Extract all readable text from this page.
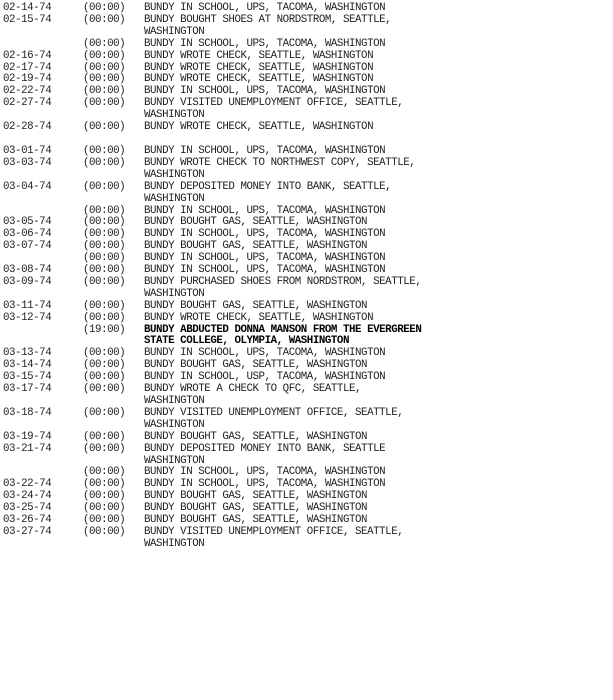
02-14-74	(00:00)	BUNDY IN SCHOOL, UPS, TACOMA, WASHINGTON
02-15-74	(00:00)	BUNDY BOUGHT SHOES AT NORDSTROM, SEATTLE,
WASHINGTON
(00:00)	BUNDY IN SCHOOL, UPS, TACOMA, WASHINGTON
02-16-74	(00:00)	BUNDY WROTE CHECK, SEATTLE, WASHINGTON
02-17-74	(00:00)	BUNDY WROTE CHECK, SEATTLE, WASHINGTON
02-19-74	(00:00)	BUNDY WROTE CHECK, SEATTLE, WASHINGTON
02-22-74	(00:00)	BUNDY IN SCHOOL, UPS, TACOMA, WASHINGTON
02-27-74	(00:00)	BUNDY VISITED UNEMPLOYMENT OFFICE, SEATTLE,
WASHINGTON
02-28-74	(00:00)	BUNDY WROTE CHECK, SEATTLE, WASHINGTON
03-01-74	(00:00)	BUNDY IN SCHOOL, UPS, TACOMA, WASHINGTON
03-03-74	(00:00)	BUNDY WROTE CHECK TO NORTHWEST COPY, SEATTLE,
WASHINGTON
03-04-74	(00:00)	BUNDY DEPOSITED MONEY INTO BANK, SEATTLE,
WASHINGTON
(00:00)	BUNDY IN SCHOOL, UPS, TACOMA, WASHINGTON
03-05-74	(00:00)	BUNDY BOUGHT GAS, SEATTLE, WASHINGTON
03-06-74	(00:00)	BUNDY IN SCHOOL, UPS, TACOMA, WASHINGTON
03-07-74	(00:00)	BUNDY BOUGHT GAS, SEATTLE, WASHINGTON
(00:00)	BUNDY IN SCHOOL, UPS, TACOMA, WASHINGTON
03-08-74	(00:00)	BUNDY IN SCHOOL, UPS, TACOMA, WASHINGTON
03-09-74	(00:00)	BUNDY PURCHASED SHOES FROM NORDSTROM, SEATTLE,
WASHINGTON
03-11-74	(00:00)	BUNDY BOUGHT GAS, SEATTLE, WASHINGTON
03-12-74	(00:00)	BUNDY WROTE CHECK, SEATTLE, WASHINGTON
(19:00)	BUNDY ABDUCTED DONNA MANSON FROM THE EVERGREEN
STATE COLLEGE, OLYMPIA, WASHINGTON
03-13-74	(00:00)	BUNDY IN SCHOOL, UPS, TACOMA, WASHINGTON
03-14-74	(00:00)	BUNDY BOUGHT GAS, SEATTLE, WASHINGTON
03-15-74	(00:00)	BUNDY IN SCHOOL, USP, TACOMA, WASHINGTON
03-17-74	(00:00)	BUNDY WROTE A CHECK TO QFC, SEATTLE,
WASHINGTON
03-18-74	(00:00)	BUNDY VISITED UNEMPLOYMENT OFFICE, SEATTLE,
WASHINGTON
03-19-74	(00:00)	BUNDY BOUGHT GAS, SEATTLE, WASHINGTON
03-21-74	(00:00)	BUNDY DEPOSITED MONEY INTO BANK, SEATTLE
WASHINGTON
(00:00)	BUNDY IN SCHOOL, UPS, TACOMA, WASHINGTON
03-22-74	(00:00)	BUNDY IN SCHOOL, UPS, TACOMA, WASHINGTON
03-24-74	(00:00)	BUNDY BOUGHT GAS, SEATTLE, WASHINGTON
03-25-74	(00:00)	BUNDY BOUGHT GAS, SEATTLE, WASHINGTON
03-26-74	(00:00)	BUNDY BOUGHT GAS, SEATTLE, WASHINGTON
03-27-74	(00:00)	BUNDY VISITED UNEMPLOYMENT OFFICE, SEATTLE,
WASHINGTON
